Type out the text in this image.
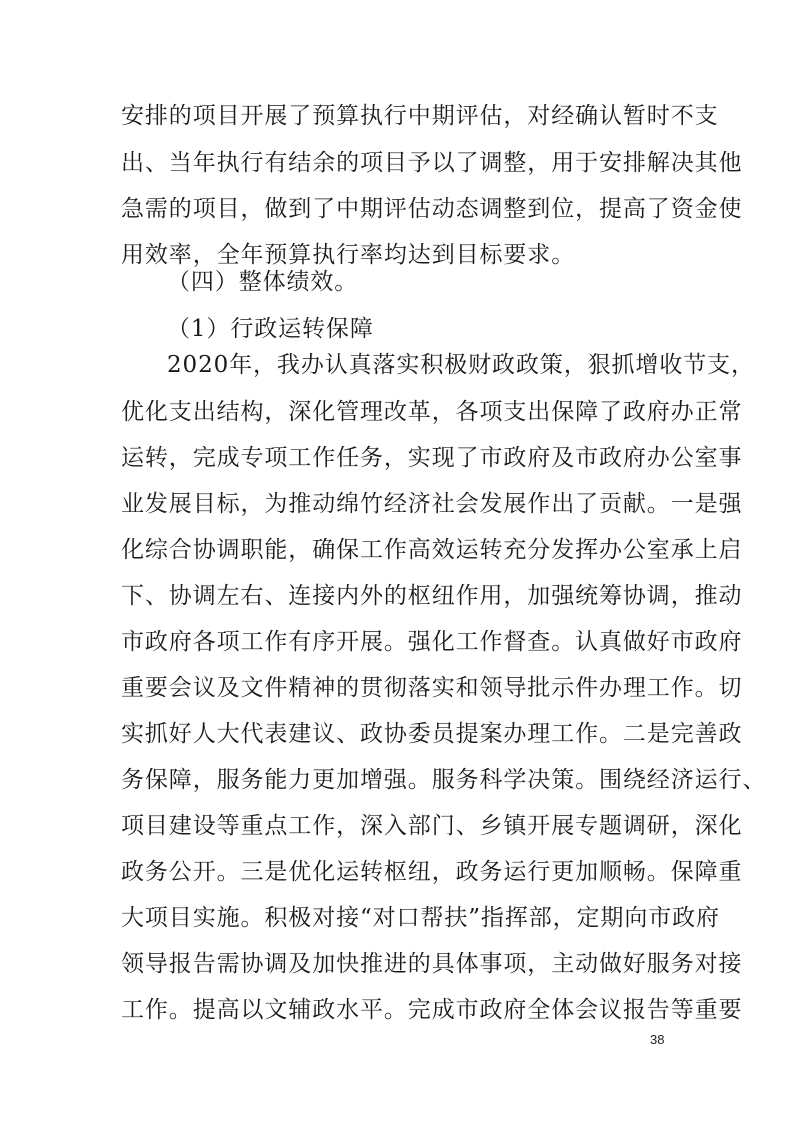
安排的项目开展了预算执行中期评估，对经确认暂时不支
出、当年执行有结余的项目予以了调整，用于安排解决其他
急需的项目，做到了中期评估动态调整到位，提高了资金使
用效率，全年预算执行率均达到目标要求。
（四）整体绩效。
（1）行政运转保障
2020年，我办认真落实积极财政政策，狠抓增收节支，
优化支出结构，深化管理改革，各项支出保障了政府办正常
运转，完成专项工作任务，实现了市政府及市政府办公室事
业发展目标，为推动绵竹经济社会发展作出了贡献。一是强
化综合协调职能，确保工作高效运转充分发挥办公室承上启
下、协调左右、连接内外的枢纽作用，加强统筹协调，推动
市政府各项工作有序开展。强化工作督查。认真做好市政府
重要会议及文件精神的贯彻落实和领导批示件办理工作。切
实抓好人大代表建议、政协委员提案办理工作。二是完善政
务保障，服务能力更加增强。服务科学决策。围绕经济运行、
项目建设等重点工作，深入部门、乡镇开展专题调研，深化
政务公开。三是优化运转枢纽，政务运行更加顺畅。保障重
大项目实施。积极对接“对口帮扶”指挥部，定期向市政府
领导报告需协调及加快推进的具体事项，主动做好服务对接
工作。提高以文辅政水平。完成市政府全体会议报告等重要
38
